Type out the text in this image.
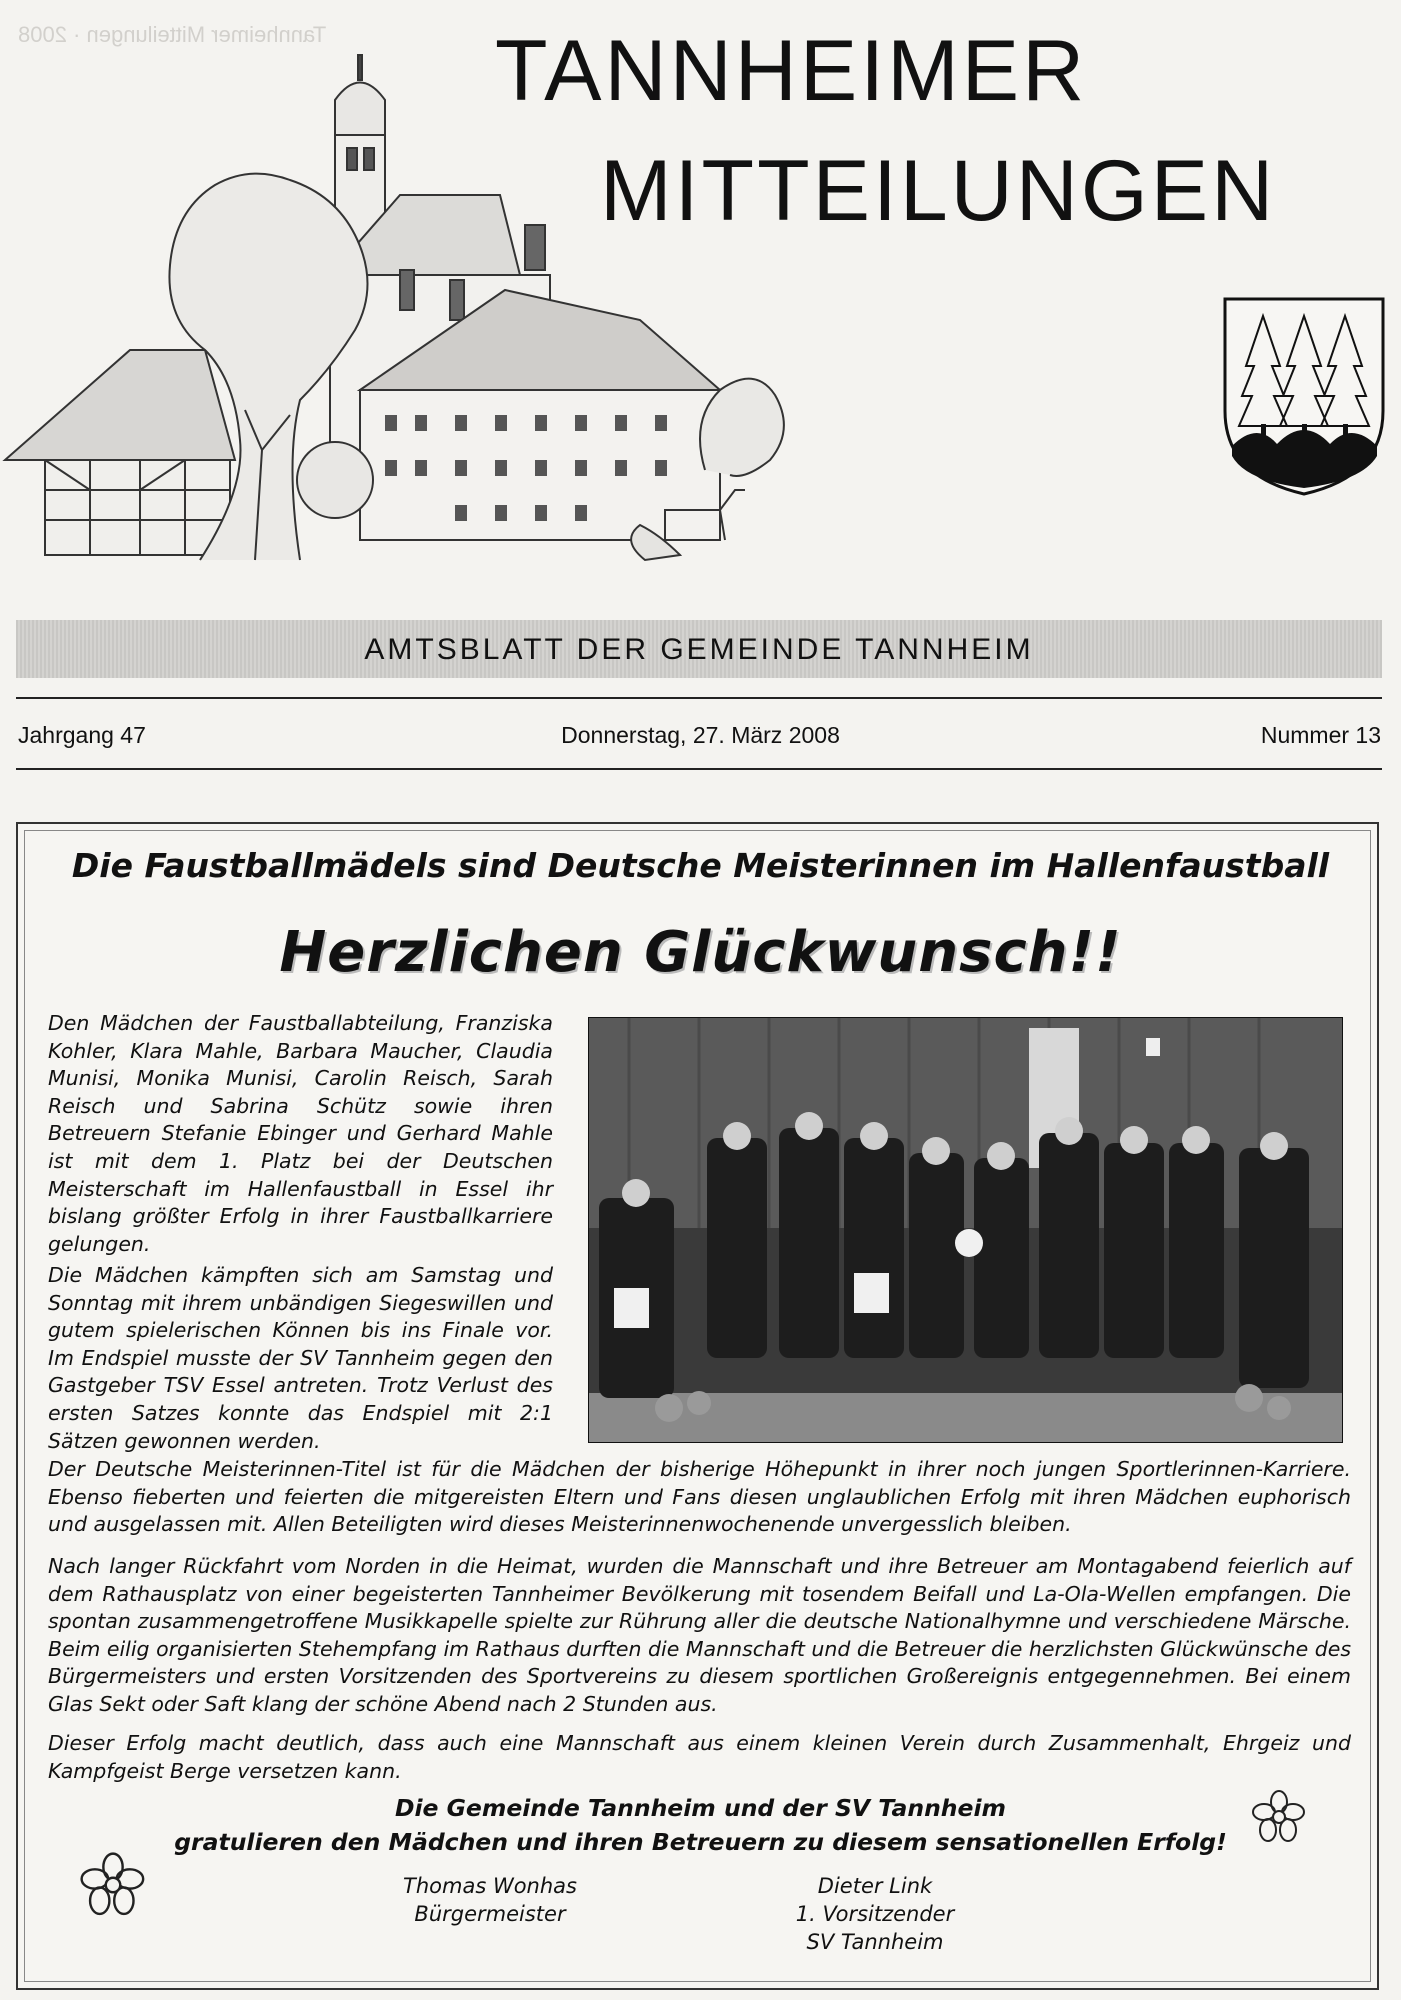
Tannheimer Mitteilungen · 2008 TANNHEIMER
MITTEILUNGEN
AMTSBLATT DER GEMEINDE TANNHEIM
Jahrgang 47	Donnerstag, 27. März 2008	Nummer 13
Die Faustballmädels sind Deutsche Meisterinnen im Hallenfaustball
Herzlichen Glückwunsch!!
Den Mädchen der Faustballabteilung, Franziska Kohler, Klara Mahle, Barbara Maucher, Claudia Munisi, Monika Munisi, Carolin Reisch, Sarah Reisch und Sabrina Schütz sowie ihren Betreuern Stefanie Ebinger und Gerhard Mahle ist mit dem 1. Platz bei der Deutschen Meisterschaft im Hallenfaustball in Essel ihr bislang größter Erfolg in ihrer Faustballkarriere gelungen.
Die Mädchen kämpften sich am Samstag und Sonntag mit ihrem unbändigen Siegeswillen und gutem spielerischen Können bis ins Finale vor. Im Endspiel musste der SV Tannheim gegen den Gastgeber TSV Essel antreten. Trotz Verlust des ersten Satzes konnte das Endspiel mit 2:1 Sätzen gewonnen werden.
Der Deutsche Meisterinnen-Titel ist für die Mädchen der bisherige Höhepunkt in ihrer noch jungen Sportlerinnen-Karriere. Ebenso fieberten und feierten die mitgereisten Eltern und Fans diesen unglaublichen Erfolg mit ihren Mädchen euphorisch und ausgelassen mit. Allen Beteiligten wird dieses Meisterinnenwochenende unvergesslich bleiben.
Nach langer Rückfahrt vom Norden in die Heimat, wurden die Mannschaft und ihre Betreuer am Montagabend feierlich auf dem Rathausplatz von einer begeisterten Tannheimer Bevölkerung mit tosendem Beifall und La-Ola-Wellen empfangen. Die spontan zusammengetroffene Musikkapelle spielte zur Rührung aller die deutsche Nationalhymne und verschiedene Märsche. Beim eilig organisierten Stehempfang im Rathaus durften die Mannschaft und die Betreuer die herzlichsten Glückwünsche des Bürgermeisters und ersten Vorsitzenden des Sportvereins zu diesem sportlichen Großereignis entgegennehmen. Bei einem Glas Sekt oder Saft klang der schöne Abend nach 2 Stunden aus.
Dieser Erfolg macht deutlich, dass auch eine Mannschaft aus einem kleinen Verein durch Zusammenhalt, Ehrgeiz und Kampfgeist Berge versetzen kann.
Die Gemeinde Tannheim und der SV Tannheim
gratulieren den Mädchen und ihren Betreuern zu diesem sensationellen Erfolg!
Thomas Wonhas
Bürgermeister
Dieter Link
1. Vorsitzender
SV Tannheim
